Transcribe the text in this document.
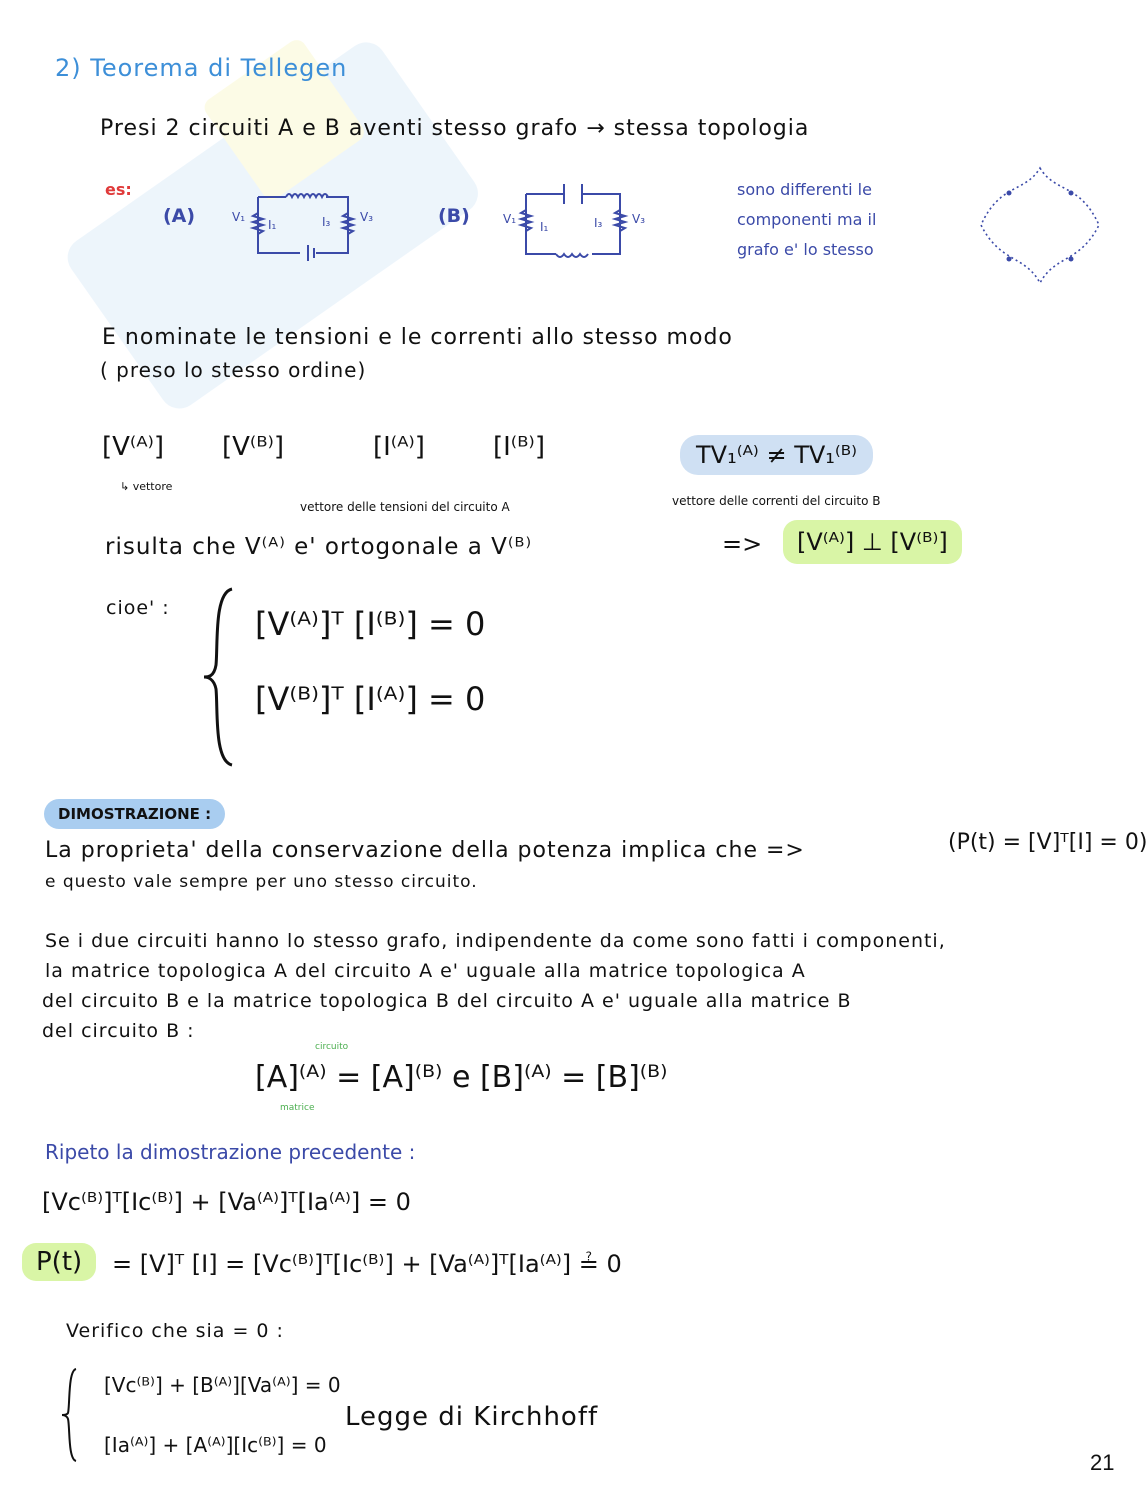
2) Teorema di Tellegen
Presi 2 circuiti A e B aventi stesso grafo → stessa topologia
es:
(A)	V₁
I₁	I₃ V₃	(B)	V₁
I₁	I₃ V₃
sono differenti le
componenti ma il
grafo e' lo stesso
E nominate le tensioni e le correnti allo stesso modo
( preso lo stesso ordine)
[V⁽ᴬ⁾] [V⁽ᴮ⁾]	[I⁽ᴬ⁾]	[I⁽ᴮ⁾]
↳ vettore
TV₁⁽ᴬ⁾ ≠ TV₁⁽ᴮ⁾
vettore delle tensioni del circuito A	vettore delle correnti del circuito B
risulta che V⁽ᴬ⁾ e' ortogonale a V⁽ᴮ⁾	=>	[V⁽ᴬ⁾] ⊥ [V⁽ᴮ⁾]
cioe' :	[V⁽ᴬ⁾]ᵀ [I⁽ᴮ⁾] = 0
[V⁽ᴮ⁾]ᵀ [I⁽ᴬ⁾] = 0
DIMOSTRAZIONE :
La proprieta' della conservazione della potenza implica che =>	(P(t) = [V]ᵀ[I] = 0)
e questo vale sempre per uno stesso circuito.
Se i due circuiti hanno lo stesso grafo, indipendente da come sono fatti i componenti,
la matrice topologica A del circuito A e' uguale alla matrice topologica A
del circuito B e la matrice topologica B del circuito A e' uguale alla matrice B
del circuito B :
circuito
[A]⁽ᴬ⁾ = [A]⁽ᴮ⁾ e [B]⁽ᴬ⁾ = [B]⁽ᴮ⁾
matrice
Ripeto la dimostrazione precedente :
[Vc⁽ᴮ⁾]ᵀ[Ic⁽ᴮ⁾] + [Va⁽ᴬ⁾]ᵀ[Ia⁽ᴬ⁾] = 0
P(t)	= [V]ᵀ [I] = [Vc⁽ᴮ⁾]ᵀ[Ic⁽ᴮ⁾] + [Va⁽ᴬ⁾]ᵀ[Ia⁽ᴬ⁾] ≟ 0
Verifico che sia = 0 :
[Vc⁽ᴮ⁾] + [B⁽ᴬ⁾][Va⁽ᴬ⁾] = 0
[Ia⁽ᴬ⁾] + [A⁽ᴬ⁾][Ic⁽ᴮ⁾] = 0
Legge di Kirchhoff
21
